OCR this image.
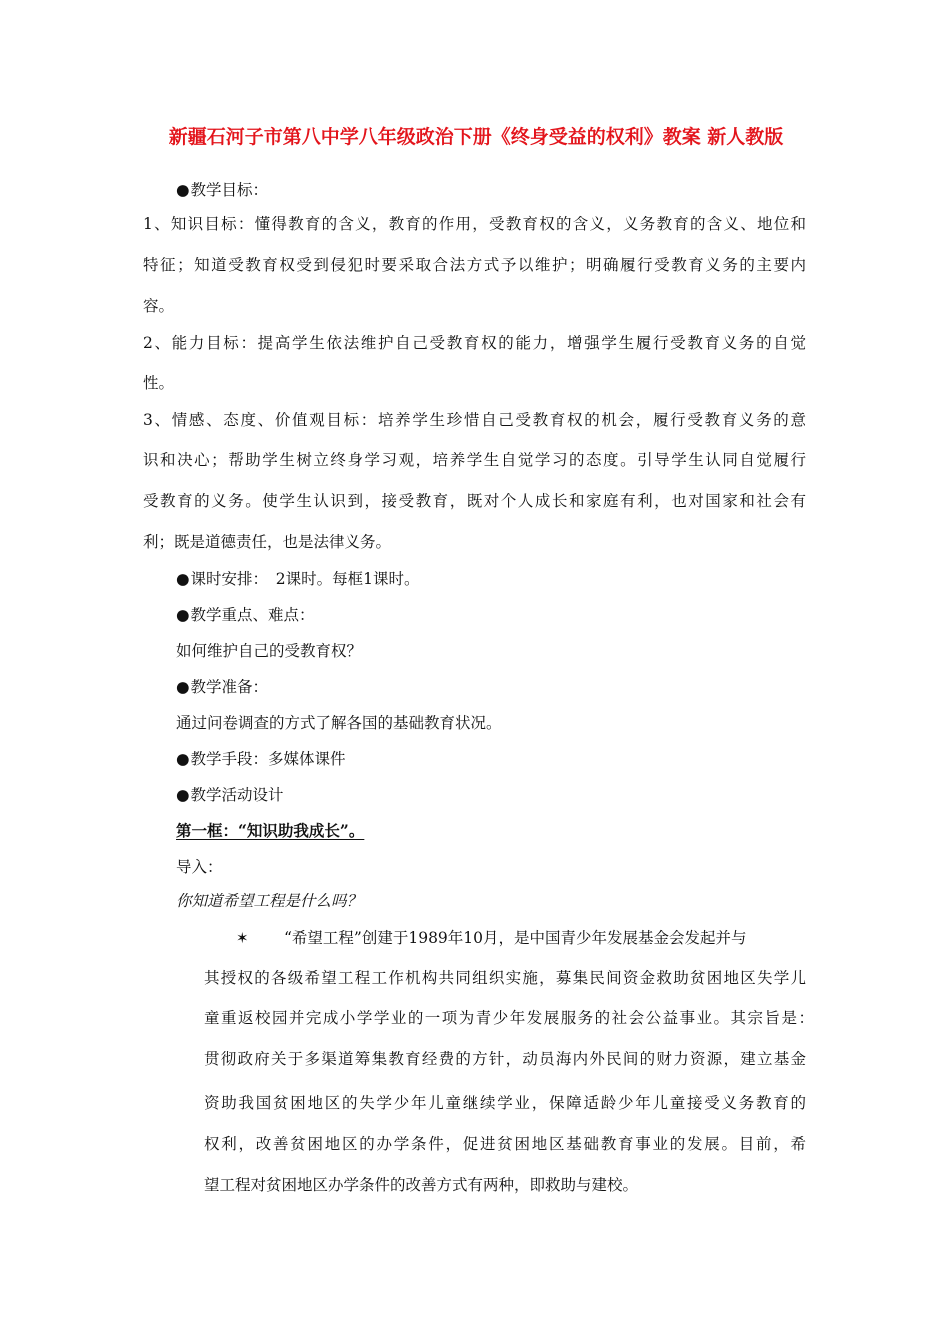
新疆石河子市第八中学八年级政治下册《终身受益的权利》教案 新人教版
●教学目标：
1、知识目标：懂得教育的含义，教育的作用，受教育权的含义，义务教育的含义、地位和
特征；知道受教育权受到侵犯时要采取合法方式予以维护；明确履行受教育义务的主要内
容。
2、能力目标：提高学生依法维护自己受教育权的能力，增强学生履行受教育义务的自觉
性。
3、情感、态度、价值观目标：培养学生珍惜自己受教育权的机会，履行受教育义务的意
识和决心；帮助学生树立终身学习观，培养学生自觉学习的态度。引导学生认同自觉履行
受教育的义务。使学生认识到，接受教育，既对个人成长和家庭有利，也对国家和社会有
利；既是道德责任，也是法律义务。
●课时安排：　2课时。每框1课时。
●教学重点、难点：
如何维护自己的受教育权？
●教学准备：
通过问卷调查的方式了解各国的基础教育状况。
●教学手段：多媒体课件
●教学活动设计
第一框：“知识助我成长”。
导入：
你知道希望工程是什么吗？
✶ “希望工程”创建于1989年10月，是中国青少年发展基金会发起并与
其授权的各级希望工程工作机构共同组织实施，募集民间资金救助贫困地区失学儿
童重返校园并完成小学学业的一项为青少年发展服务的社会公益事业。其宗旨是：
贯彻政府关于多渠道筹集教育经费的方针，动员海内外民间的财力资源，建立基金
资助我国贫困地区的失学少年儿童继续学业，保障适龄少年儿童接受义务教育的
权利，改善贫困地区的办学条件，促进贫困地区基础教育事业的发展。目前，希
望工程对贫困地区办学条件的改善方式有两种，即救助与建校。
